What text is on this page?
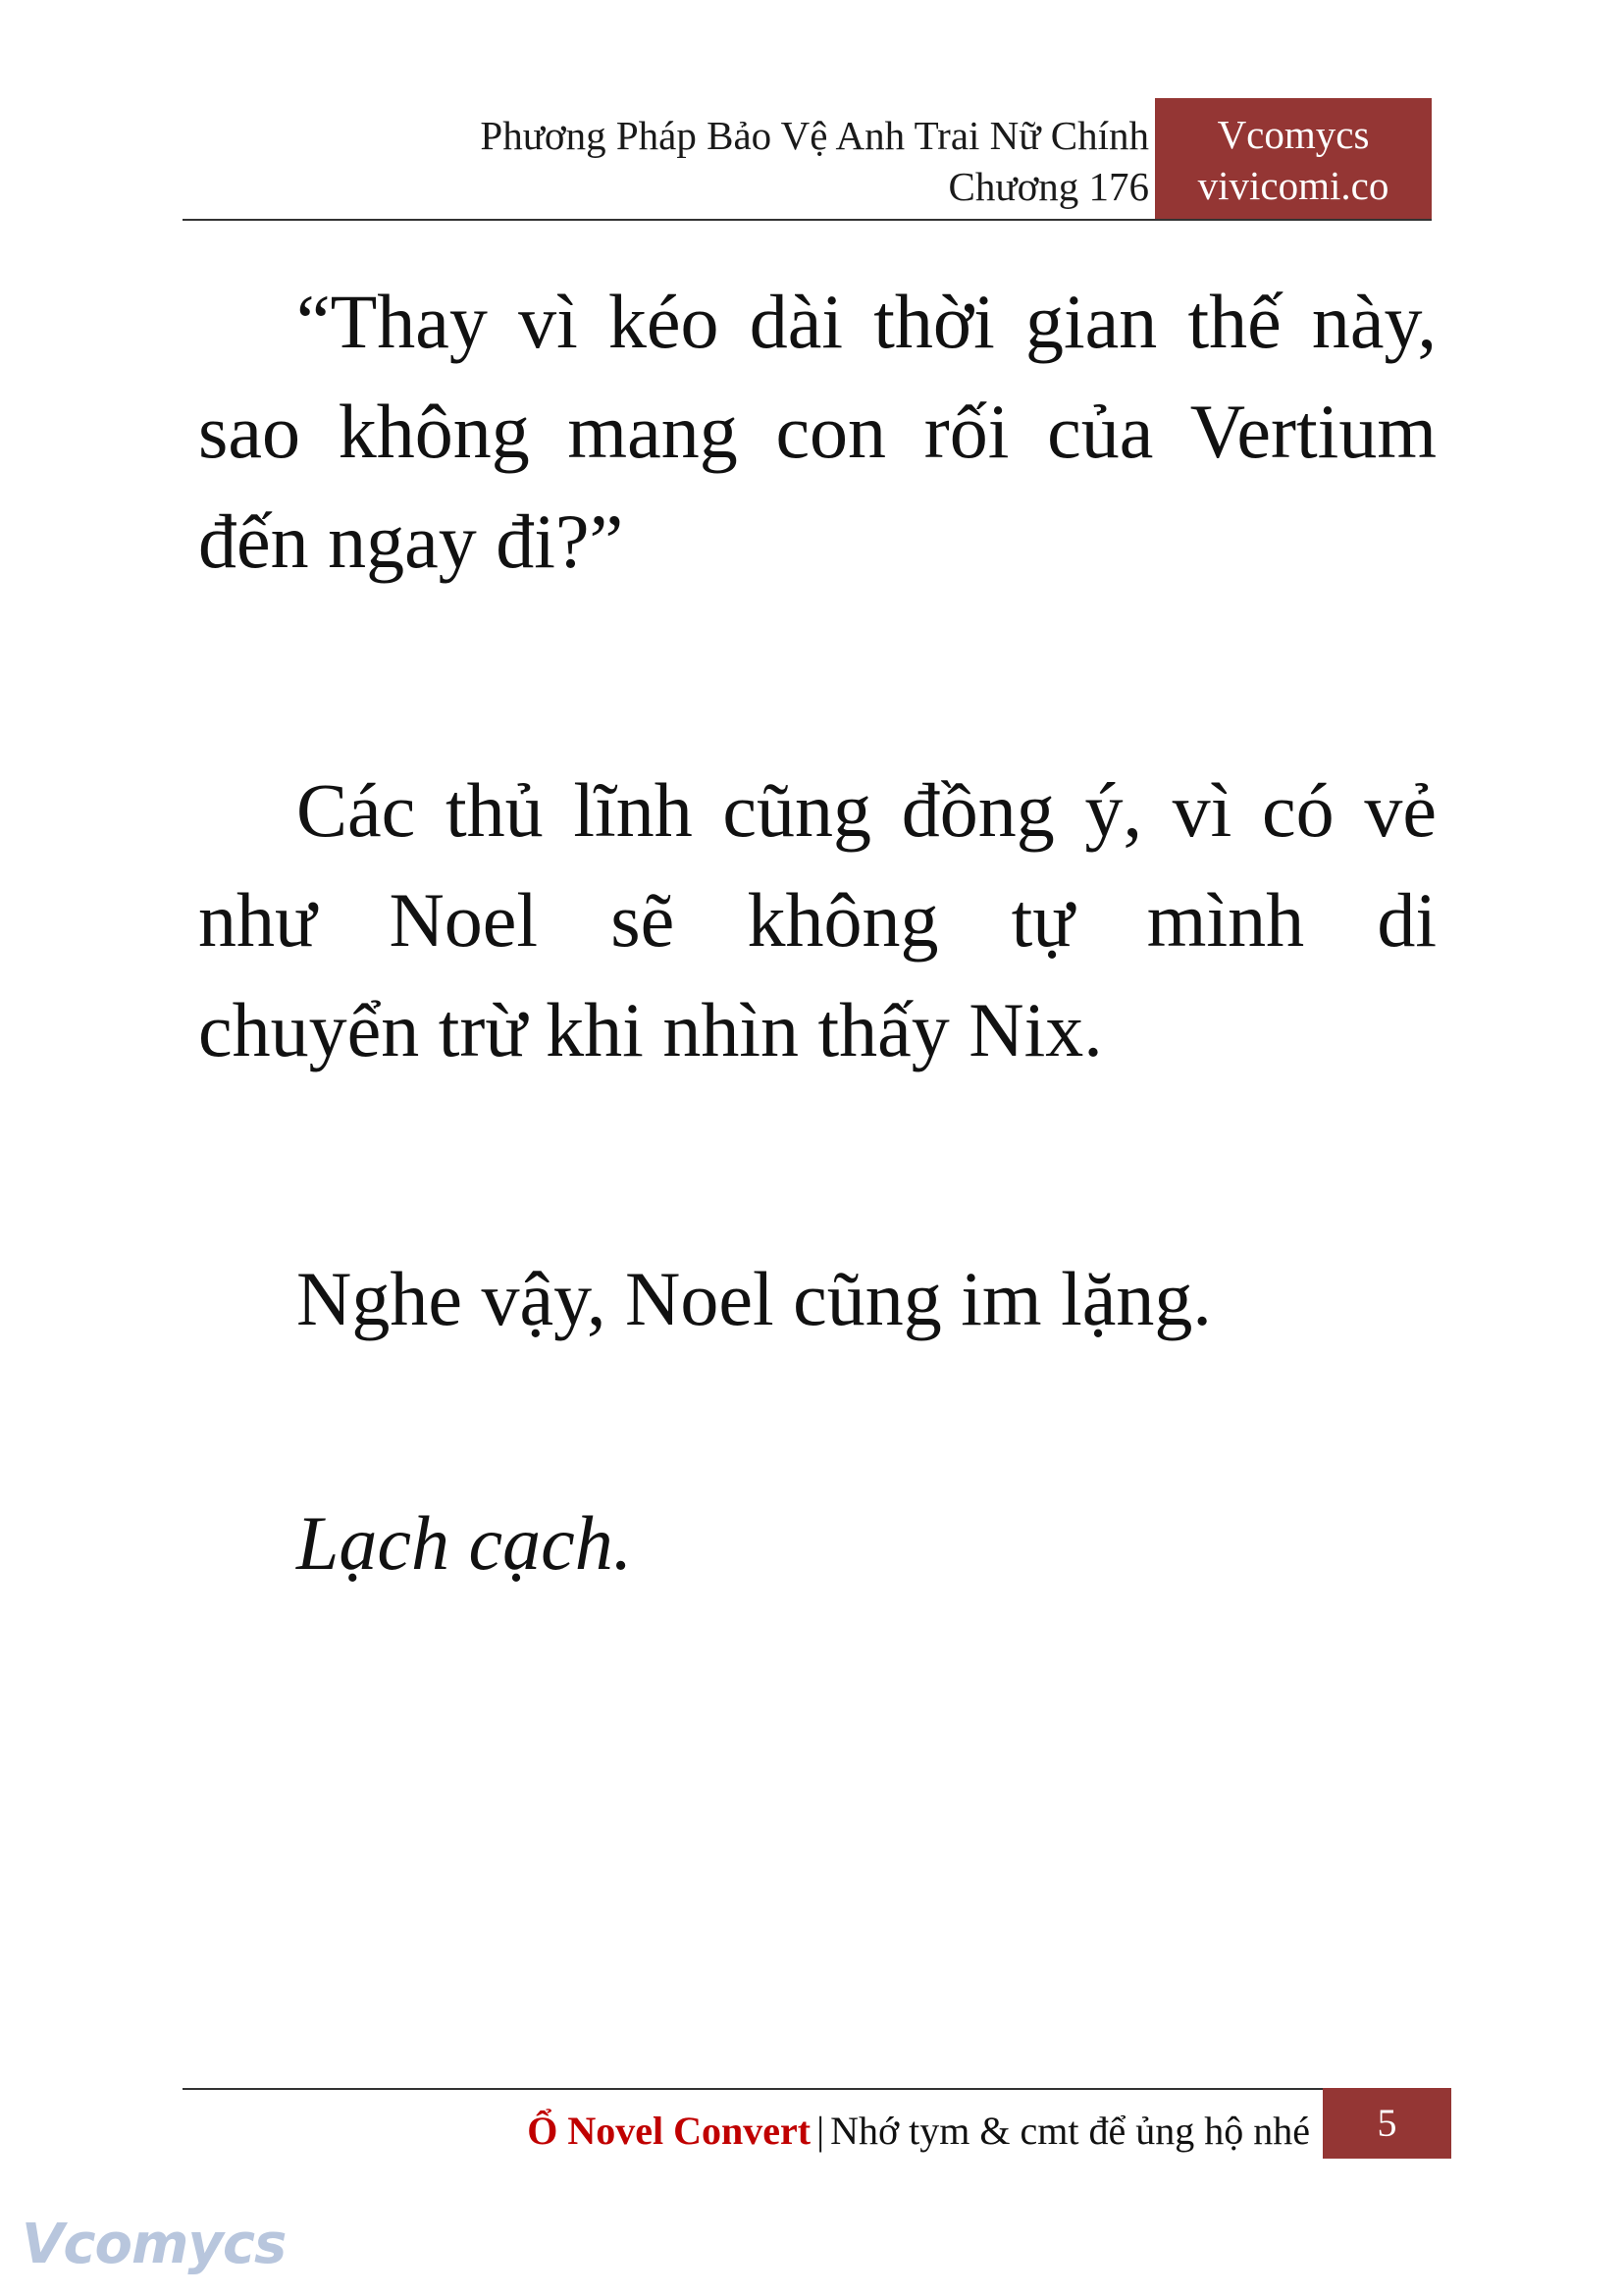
Phương Pháp Bảo Vệ Anh Trai Nữ Chính
Chương 176
Vcomycs
vivicomi.co

“Thay vì kéo dài thời gian thế này,
sao không mang con rối của Vertium
đến ngay đi?”

Các thủ lĩnh cũng đồng ý, vì có vẻ
như Noel sẽ không tự mình di
chuyển trừ khi nhìn thấy Nix.

Nghe vậy, Noel cũng im lặng.

Lạch cạch.

Ổ Novel Convert | Nhớ tym & cmt để ủng hộ nhé	5
Vcomycs
